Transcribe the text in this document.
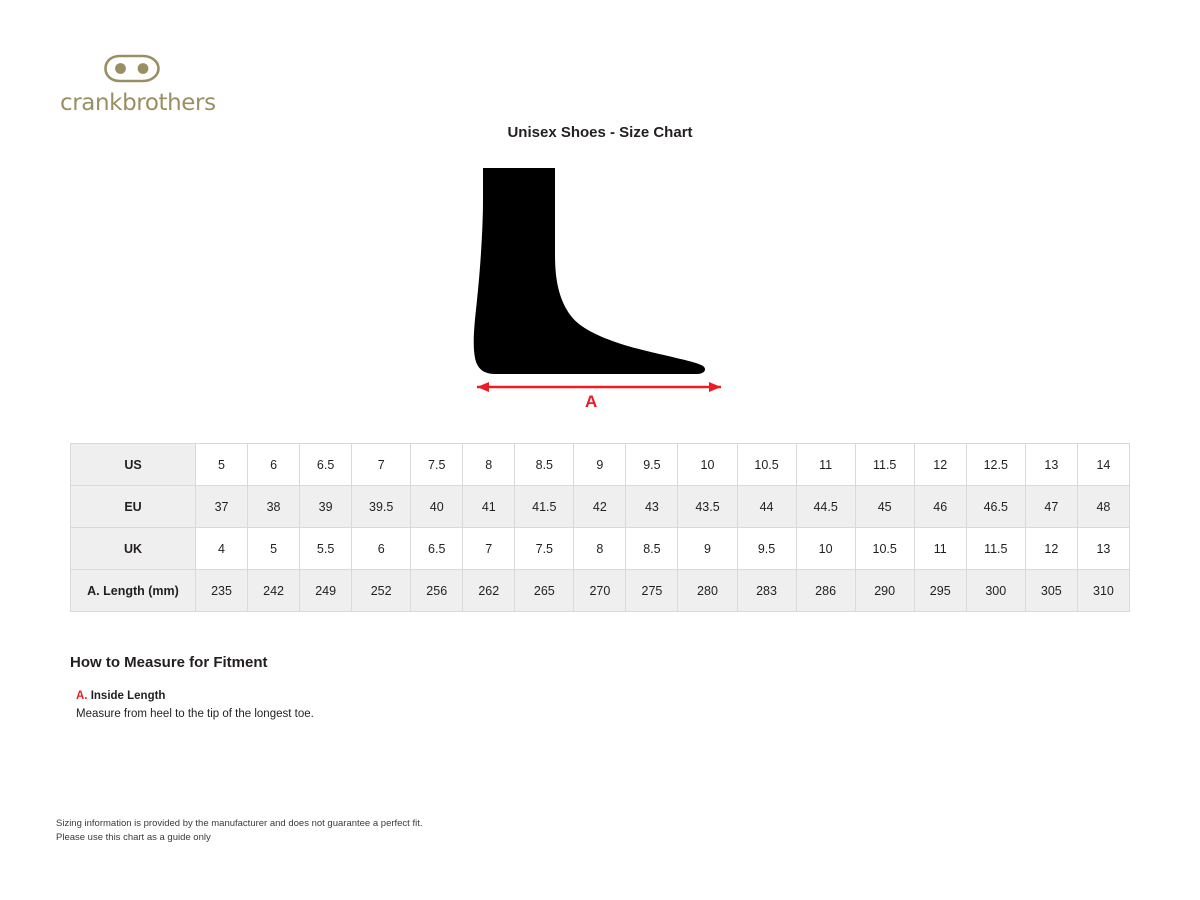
crankbrothers
Unisex Shoes - Size Chart
A
US	5	6	6.5	7	7.5	8	8.5	9	9.5	10	10.5	11	11.5	12	12.5	13	14
EU	37	38	39	39.5	40	41	41.5	42	43	43.5	44	44.5	45	46	46.5	47	48
UK	4	5	5.5	6	6.5	7	7.5	8	8.5	9	9.5	10	10.5	11	11.5	12	13
A. Length (mm)	235	242	249	252	256	262	265	270	275	280	283	286	290	295	300	305	310
How to Measure for Fitment
A. Inside Length
Measure from heel to the tip of the longest toe.
Sizing information is provided by the manufacturer and does not guarantee a perfect fit.
Please use this chart as a guide only
